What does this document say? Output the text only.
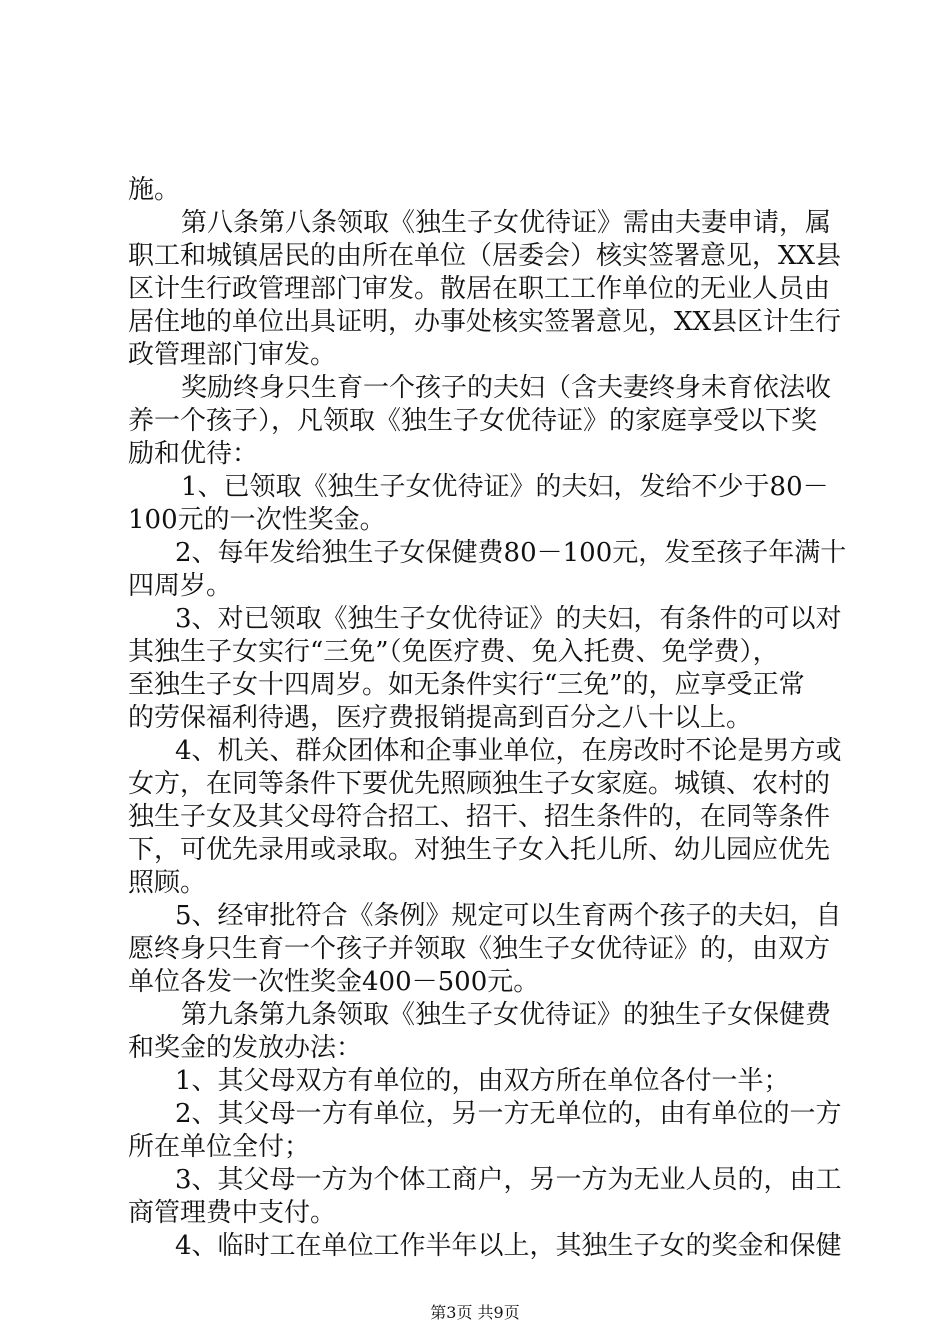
施。
第八条第八条领取《独生子女优待证》需由夫妻申请，属
职工和城镇居民的由所在单位（居委会）核实签署意见，XX县
区计生行政管理部门审发。散居在职工工作单位的无业人员由
居住地的单位出具证明，办事处核实签署意见，XX县区计生行
政管理部门审发。
奖励终身只生育一个孩子的夫妇（含夫妻终身未育依法收
养一个孩子），凡领取《独生子女优待证》的家庭享受以下奖
励和优待：
1、已领取《独生子女优待证》的夫妇，发给不少于80－
100元的一次性奖金。
2、每年发给独生子女保健费80－100元，发至孩子年满十
四周岁。
3、对已领取《独生子女优待证》的夫妇，有条件的可以对
其独生子女实行“三免”（免医疗费、免入托费、免学费），
至独生子女十四周岁。如无条件实行“三免”的，应享受正常
的劳保福利待遇，医疗费报销提高到百分之八十以上。
4、机关、群众团体和企事业单位，在房改时不论是男方或
女方，在同等条件下要优先照顾独生子女家庭。城镇、农村的
独生子女及其父母符合招工、招干、招生条件的，在同等条件
下，可优先录用或录取。对独生子女入托儿所、幼儿园应优先
照顾。
5、经审批符合《条例》规定可以生育两个孩子的夫妇，自
愿终身只生育一个孩子并领取《独生子女优待证》的，由双方
单位各发一次性奖金400－500元。
第九条第九条领取《独生子女优待证》的独生子女保健费
和奖金的发放办法：
1、其父母双方有单位的，由双方所在单位各付一半；
2、其父母一方有单位，另一方无单位的，由有单位的一方
所在单位全付；
3、其父母一方为个体工商户，另一方为无业人员的，由工
商管理费中支付。
4、临时工在单位工作半年以上，其独生子女的奖金和保健
第3页 共9页
